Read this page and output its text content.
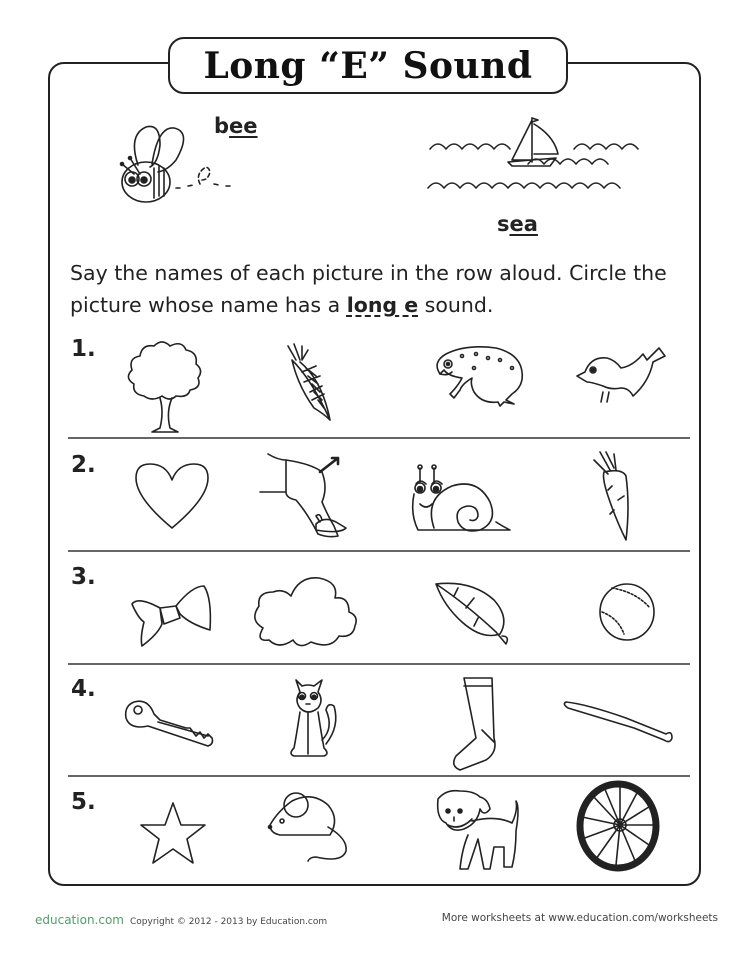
Long “E” Sound
bee
sea
Say the names of each picture in the row aloud. Circle the picture whose name has a long e sound.
1.
2.
3.
4.
5.
education.com Copyright © 2012 - 2013 by Education.com	More worksheets at www.education.com/worksheets
